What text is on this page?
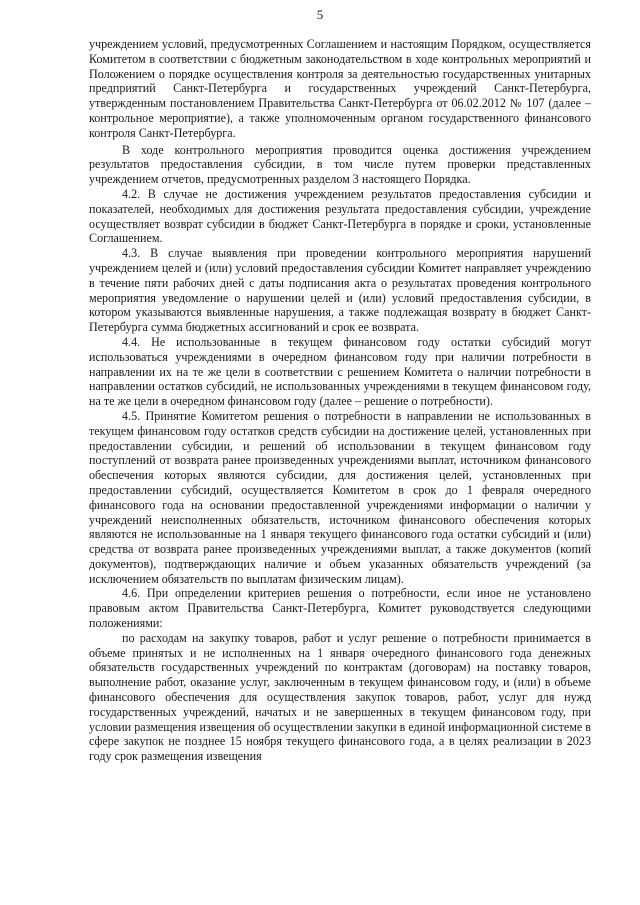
5

учреждением условий, предусмотренных Соглашением и настоящим Порядком, осуществляется Комитетом в соответствии с бюджетным законодательством в ходе контрольных мероприятий и Положением о порядке осуществления контроля за деятельностью государственных унитарных предприятий Санкт-Петербурга и государственных учреждений Санкт-Петербурга, утвержденным постановлением Правительства Санкт-Петербурга от 06.02.2012 № 107 (далее – контрольное мероприятие), а также уполномоченным органом государственного финансового контроля Санкт-Петербурга.

В ходе контрольного мероприятия проводится оценка достижения учреждением результатов предоставления субсидии, в том числе путем проверки представленных учреждением отчетов, предусмотренных разделом 3 настоящего Порядка.

4.2. В случае не достижения учреждением результатов предоставления субсидии и показателей, необходимых для достижения результата предоставления субсидии, учреждение осуществляет возврат субсидии в бюджет Санкт-Петербурга в порядке и сроки, установленные Соглашением.

4.3. В случае выявления при проведении контрольного мероприятия нарушений учреждением целей и (или) условий предоставления субсидии Комитет направляет учреждению в течение пяти рабочих дней с даты подписания акта о результатах проведения контрольного мероприятия уведомление о нарушении целей и (или) условий предоставления субсидии, в котором указываются выявленные нарушения, а также подлежащая возврату в бюджет Санкт-Петербурга сумма бюджетных ассигнований и срок ее возврата.

4.4. Не использованные в текущем финансовом году остатки субсидий могут использоваться учреждениями в очередном финансовом году при наличии потребности в направлении их на те же цели в соответствии с решением Комитета о наличии потребности в направлении остатков субсидий, не использованных учреждениями в текущем финансовом году, на те же цели в очередном финансовом году (далее – решение о потребности).

4.5. Принятие Комитетом решения о потребности в направлении не использованных в текущем финансовом году остатков средств субсидии на достижение целей, установленных при предоставлении субсидии, и решений об использовании в текущем финансовом году поступлений от возврата ранее произведенных учреждениями выплат, источником финансового обеспечения которых являются субсидии, для достижения целей, установленных при предоставлении субсидий, осуществляется Комитетом в срок до 1 февраля очередного финансового года на основании предоставленной учреждениями информации о наличии у учреждений неисполненных обязательств, источником финансового обеспечения которых являются не использованные на 1 января текущего финансового года остатки субсидий и (или) средства от возврата ранее произведенных учреждениями выплат, а также документов (копий документов), подтверждающих наличие и объем указанных обязательств учреждений (за исключением обязательств по выплатам физическим лицам).

4.6. При определении критериев решения о потребности, если иное не установлено правовым актом Правительства Санкт-Петербурга, Комитет руководствуется следующими положениями:

по расходам на закупку товаров, работ и услуг решение о потребности принимается в объеме принятых и не исполненных на 1 января очередного финансового года денежных обязательств государственных учреждений по контрактам (договорам) на поставку товаров, выполнение работ, оказание услуг, заключенным в текущем финансовом году, и (или) в объеме финансового обеспечения для осуществления закупок товаров, работ, услуг для нужд государственных учреждений, начатых и не завершенных в текущем финансовом году, при условии размещения извещения об осуществлении закупки в единой информационной системе в сфере закупок не позднее 15 ноября текущего финансового года, а в целях реализации в 2023 году срок размещения извещения
